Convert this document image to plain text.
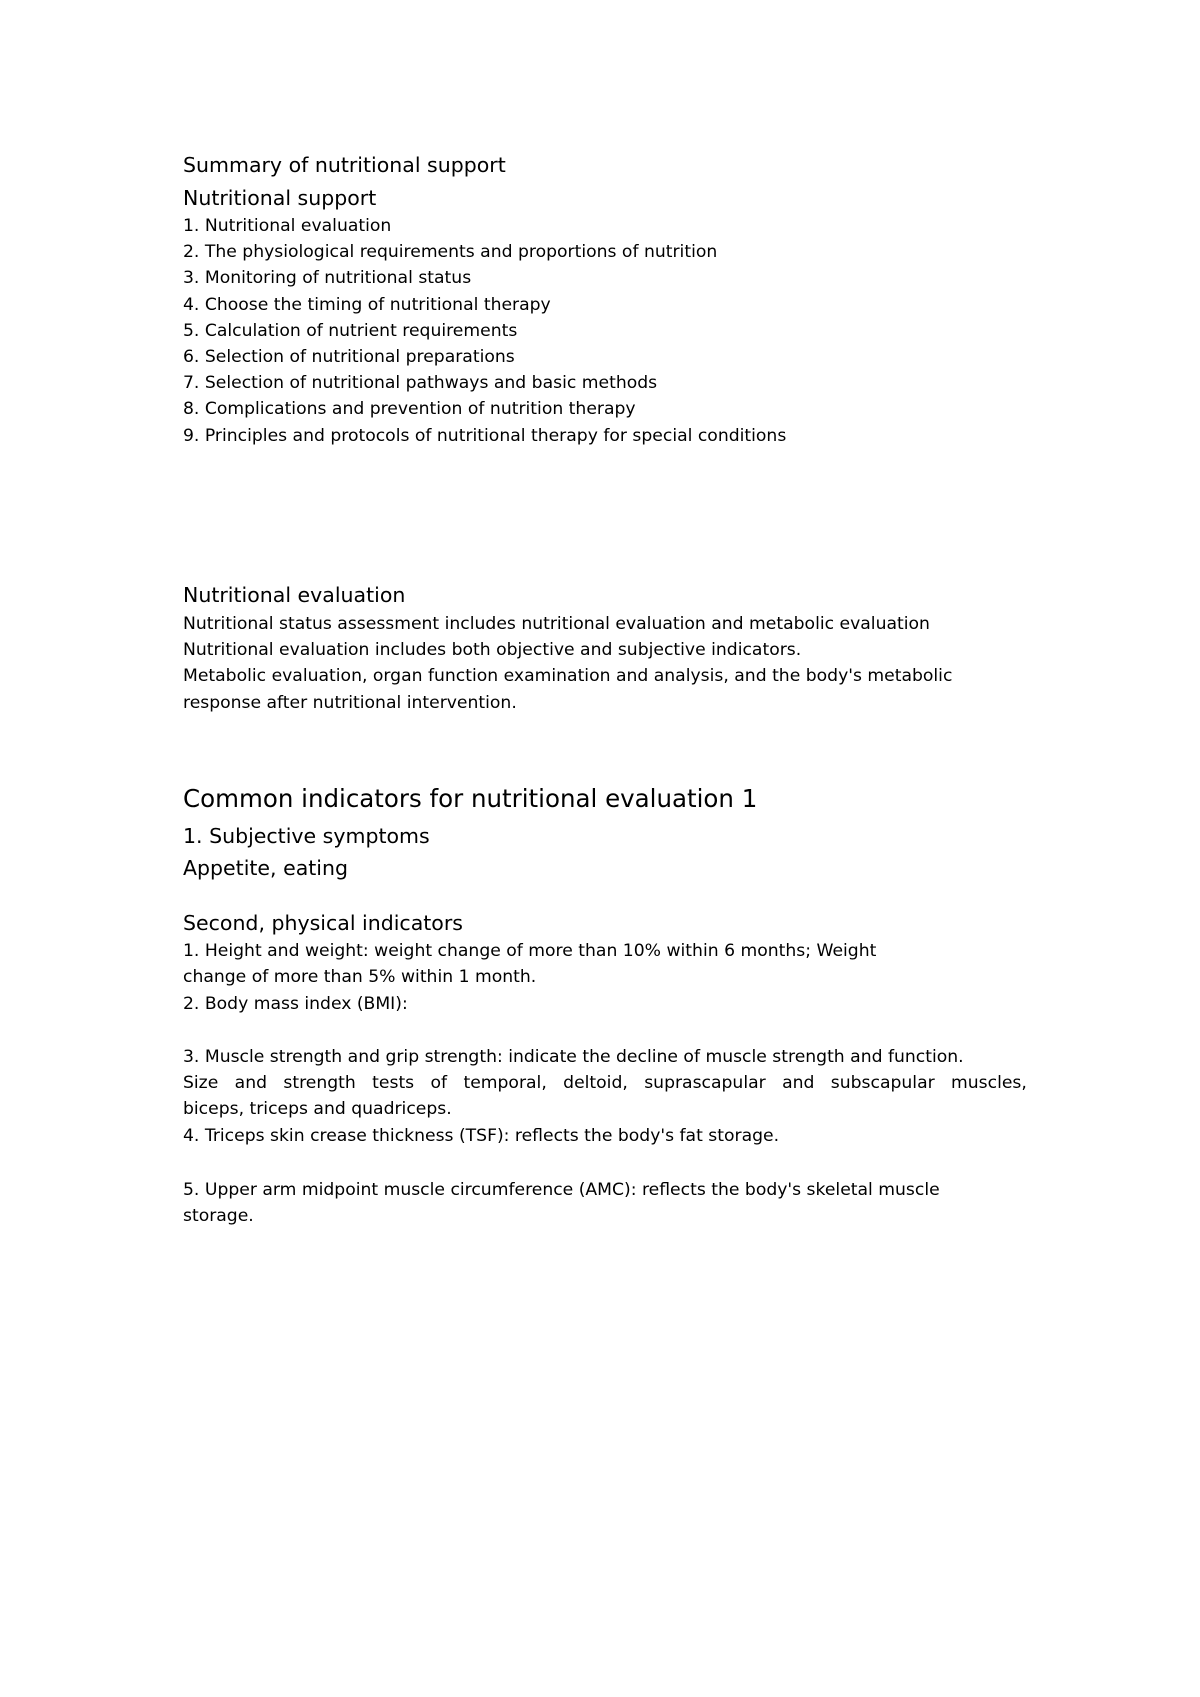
Summary of nutritional support
Nutritional support
1. Nutritional evaluation
2. The physiological requirements and proportions of nutrition
3. Monitoring of nutritional status
4. Choose the timing of nutritional therapy
5. Calculation of nutrient requirements
6. Selection of nutritional preparations
7. Selection of nutritional pathways and basic methods
8. Complications and prevention of nutrition therapy
9. Principles and protocols of nutritional therapy for special conditions
Nutritional evaluation
Nutritional status assessment includes nutritional evaluation and metabolic evaluation
Nutritional evaluation includes both objective and subjective indicators.
Metabolic evaluation, organ function examination and analysis, and the body's metabolic
response after nutritional intervention.
Common indicators for nutritional evaluation 1
1. Subjective symptoms
Appetite, eating
Second, physical indicators
1. Height and weight: weight change of more than 10% within 6 months; Weight
change of more than 5% within 1 month.
2. Body mass index (BMI):
3. Muscle strength and grip strength: indicate the decline of muscle strength and function.
Size and strength tests of temporal, deltoid, suprascapular and subscapular muscles,
biceps, triceps and quadriceps.
4. Triceps skin crease thickness (TSF): reflects the body's fat storage.
5. Upper arm midpoint muscle circumference (AMC): reflects the body's skeletal muscle
storage.
